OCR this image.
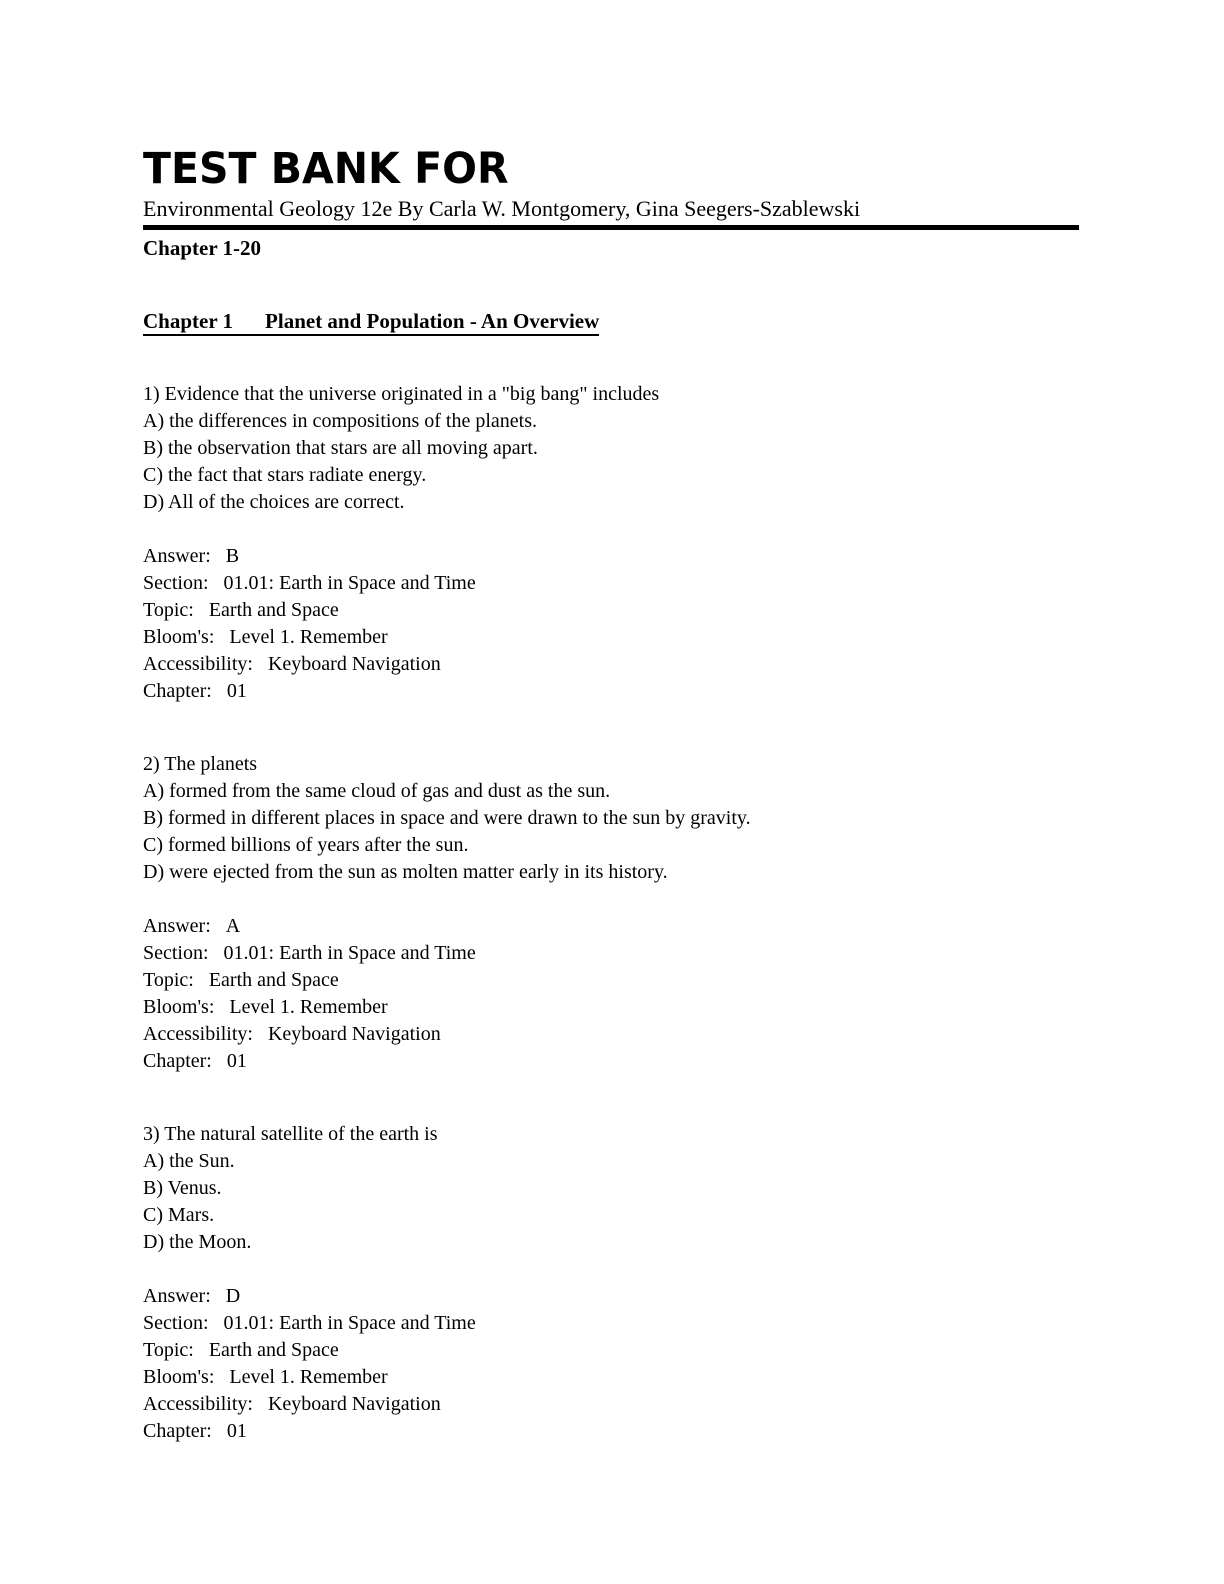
TEST BANK FOR
Environmental Geology 12e By Carla W. Montgomery, Gina Seegers-Szablewski
Chapter 1-20
Chapter 1 Planet and Population - An Overview
1) Evidence that the universe originated in a "big bang" includes
A) the differences in compositions of the planets.
B) the observation that stars are all moving apart.
C) the fact that stars radiate energy.
D) All of the choices are correct.
Answer: B
Section: 01.01: Earth in Space and Time
Topic: Earth and Space
Bloom's: Level 1. Remember
Accessibility: Keyboard Navigation
Chapter: 01
2) The planets
A) formed from the same cloud of gas and dust as the sun.
B) formed in different places in space and were drawn to the sun by gravity.
C) formed billions of years after the sun.
D) were ejected from the sun as molten matter early in its history.
Answer: A
Section: 01.01: Earth in Space and Time
Topic: Earth and Space
Bloom's: Level 1. Remember
Accessibility: Keyboard Navigation
Chapter: 01
3) The natural satellite of the earth is
A) the Sun.
B) Venus.
C) Mars.
D) the Moon.
Answer: D
Section: 01.01: Earth in Space and Time
Topic: Earth and Space
Bloom's: Level 1. Remember
Accessibility: Keyboard Navigation
Chapter: 01
